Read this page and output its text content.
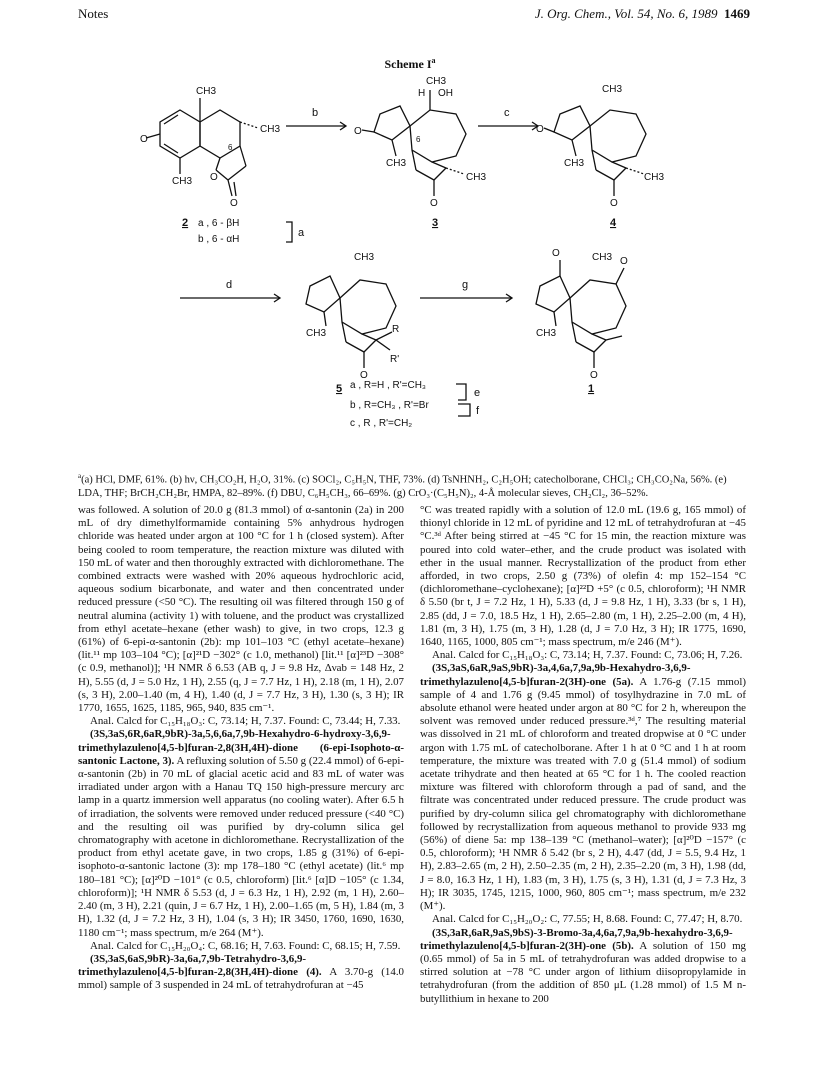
Notes	J. Org. Chem., Vol. 54, No. 6, 1989 1469
Scheme $I^a$
CH3
O
CH3
CH3
6
O
O
CH3
OH
H
O
CH3
CH3
O
6
CH3
O
CH3
CH3
O
CH3
CH3	R
R'
O
O
O
CH3
CH3
O
b	c
d	g
e
f
a
2 a , 6 - βH
b , 6 - αH
3	4
5	1
a , R=H , R'=CH₃
b , R=CH₃ , R'=Br
c , R , R'=CH₂
$^a$(a) HCl, DMF, 61%. (b) hν, CH₃CO₂H, H₂O, 31%. (c) SOCl₂, C₅H₅N, THF, 73%. (d) TsNHNH₂, C₂H₅OH; catecholborane, CHCl₃; CH₃CO₂Na, 56%. (e) LDA, THF; BrCH₂CH₂Br, HMPA, 82–89%. (f) DBU, C₆H₅CH₃, 66–69%. (g) CrO₃·(C₅H₅N)₂, 4-Å molecular sieves, CH₂Cl₂, 36–52%.

was followed. A solution of 20.0 g (81.3 mmol) of α-santonin (2a) in 200 mL of dry dimethylformamide containing 5% anhydrous hydrogen chloride was heated under argon at 100 °C for 1 h (closed system). After being cooled to room temperature, the reaction mixture was diluted with 150 mL of water and then thoroughly extracted with dichloromethane. The combined extracts were washed with 20% aqueous hydrochloric acid, aqueous sodium bicarbonate, and water and then concentrated under reduced pressure (<50 °C). The resulting oil was filtered through 150 g of neutral alumina (activity 1) with toluene, and the product was crystallized from ethyl acetate–hexane (ether wash) to give, in two crops, 12.3 g (61%) of 6-epi-α-santonin (2b): mp 101–103 °C (ethyl acetate–hexane) (lit.¹¹ mp 103–104 °C); [α]²¹D −302° (c 1.0, methanol) [lit.¹¹ [α]²³D −308° (c 0.9, methanol)]; ¹H NMR δ 6.53 (AB q, J = 9.8 Hz, Δνab = 148 Hz, 2 H), 5.55 (d, J = 5.0 Hz, 1 H), 2.55 (q, J = 7.7 Hz, 1 H), 2.18 (m, 1 H), 2.07 (s, 3 H), 2.00–1.40 (m, 4 H), 1.40 (d, J = 7.7 Hz, 3 H), 1.30 (s, 3 H); IR 1770, 1655, 1625, 1185, 965, 940, 835 cm⁻¹.

Anal. Calcd for C₁₅H₁₈O₃: C, 73.14; H, 7.37. Found: C, 73.44; H, 7.33.

(3S,3aS,6R,6aR,9bR)-3a,5,6,6a,7,9b-Hexahydro-6-hydroxy-3,6,9-trimethylazuleno[4,5-b]furan-2,8(3H,4H)-dione (6-epi-Isophoto-α-santonic Lactone, 3). A refluxing solution of 5.50 g (22.4 mmol) of 6-epi-α-santonin (2b) in 70 mL of glacial acetic acid and 83 mL of water was irradiated under argon with a Hanau TQ 150 high-pressure mercury arc lamp in a quartz immersion well apparatus (no cooling water). After 6.5 h of irradiation, the solvents were removed under reduced pressure (<40 °C) and the resulting oil was purified by dry-column silica gel chromatography with acetone in dichloromethane. Recrystallization of the product from ethyl acetate gave, in two crops, 1.85 g (31%) of 6-epi-isophoto-α-santonic lactone (3): mp 178–180 °C (ethyl acetate) (lit.⁶ mp 180–181 °C); [α]²⁰D −101° (c 0.5, chloroform) [lit.⁶ [α]D −105° (c 1.34, chloroform)]; ¹H NMR δ 5.53 (d, J = 6.3 Hz, 1 H), 2.92 (m, 1 H), 2.60–2.40 (m, 3 H), 2.21 (quin, J = 6.7 Hz, 1 H), 2.00–1.65 (m, 5 H), 1.84 (m, 3 H), 1.32 (d, J = 7.2 Hz, 3 H), 1.04 (s, 3 H); IR 3450, 1760, 1690, 1630, 1180 cm⁻¹; mass spectrum, m/e 264 (M⁺).

Anal. Calcd for C₁₅H₂₀O₄: C, 68.16; H, 7.63. Found: C, 68.15; H, 7.59.

(3S,3aS,6aS,9bR)-3a,6a,7,9b-Tetrahydro-3,6,9-trimethylazuleno[4,5-b]furan-2,8(3H,4H)-dione (4). A 3.70-g (14.0 mmol) sample of 3 suspended in 24 mL of tetrahydrofuran at −45

°C was treated rapidly with a solution of 12.0 mL (19.6 g, 165 mmol) of thionyl chloride in 12 mL of pyridine and 12 mL of tetrahydrofuran at −45 °C.³ᵈ After being stirred at −45 °C for 15 min, the reaction mixture was poured into cold water–ether, and the crude product was isolated with ether in the usual manner. Recrystallization of the product from ether afforded, in two crops, 2.50 g (73%) of olefin 4: mp 152–154 °C (dichloromethane–cyclohexane); [α]²²D +5° (c 0.5, chloroform); ¹H NMR δ 5.50 (br t, J = 7.2 Hz, 1 H), 5.33 (d, J = 9.8 Hz, 1 H), 3.33 (br s, 1 H), 2.85 (dd, J = 7.0, 18.5 Hz, 1 H), 2.65–2.80 (m, 1 H), 2.25–2.00 (m, 4 H), 1.81 (m, 3 H), 1.75 (m, 3 H), 1.28 (d, J = 7.0 Hz, 3 H); IR 1775, 1690, 1640, 1165, 1000, 805 cm⁻¹; mass spectrum, m/e 246 (M⁺).

Anal. Calcd for C₁₅H₁₈O₃: C, 73.14; H, 7.37. Found: C, 73.06; H, 7.26.

(3S,3aS,6aR,9aS,9bR)-3a,4,6a,7,9a,9b-Hexahydro-3,6,9-trimethylazuleno[4,5-b]furan-2(3H)-one (5a). A 1.76-g (7.15 mmol) sample of 4 and 1.76 g (9.45 mmol) of tosylhydrazine in 7.0 mL of absolute ethanol were heated under argon at 80 °C for 2 h, whereupon the solvent was removed under reduced pressure.³ᵈ,⁷ The resulting material was dissolved in 21 mL of chloroform and treated dropwise at 0 °C under argon with 1.75 mL of catecholborane. After 1 h at 0 °C and 1 h at room temperature, the mixture was treated with 7.0 g (51.4 mmol) of sodium acetate trihydrate and then heated at 65 °C for 1 h. The cooled reaction mixture was filtered with chloroform through a pad of sand, and the filtrate was concentrated under reduced pressure. The crude product was purified by dry-column silica gel chromatography with dichloromethane followed by recrystallization from aqueous methanol to provide 933 mg (56%) of diene 5a: mp 138–139 °C (methanol–water); [α]²⁰D −157° (c 0.5, chloroform); ¹H NMR δ 5.42 (br s, 2 H), 4.47 (dd, J = 5.5, 9.4 Hz, 1 H), 2.83–2.65 (m, 2 H), 2.50–2.35 (m, 2 H), 2.35–2.20 (m, 3 H), 1.98 (dd, J = 8.0, 16.3 Hz, 1 H), 1.83 (m, 3 H), 1.75 (s, 3 H), 1.31 (d, J = 7.3 Hz, 3 H); IR 3035, 1745, 1215, 1000, 960, 805 cm⁻¹; mass spectrum, m/e 232 (M⁺).

Anal. Calcd for C₁₅H₂₀O₂: C, 77.55; H, 8.68. Found: C, 77.47; H, 8.70.

(3S,3aR,6aR,9aS,9bS)-3-Bromo-3a,4,6a,7,9a,9b-hexahydro-3,6,9-trimethylazuleno[4,5-b]furan-2(3H)-one (5b). A solution of 150 mg (0.65 mmol) of 5a in 5 mL of tetrahydrofuran was added dropwise to a stirred solution at −78 °C under argon of lithium diisopropylamide in tetrahydrofuran (from the addition of 850 μL (1.28 mmol) of 1.5 M n-butyllithium in hexane to 200
